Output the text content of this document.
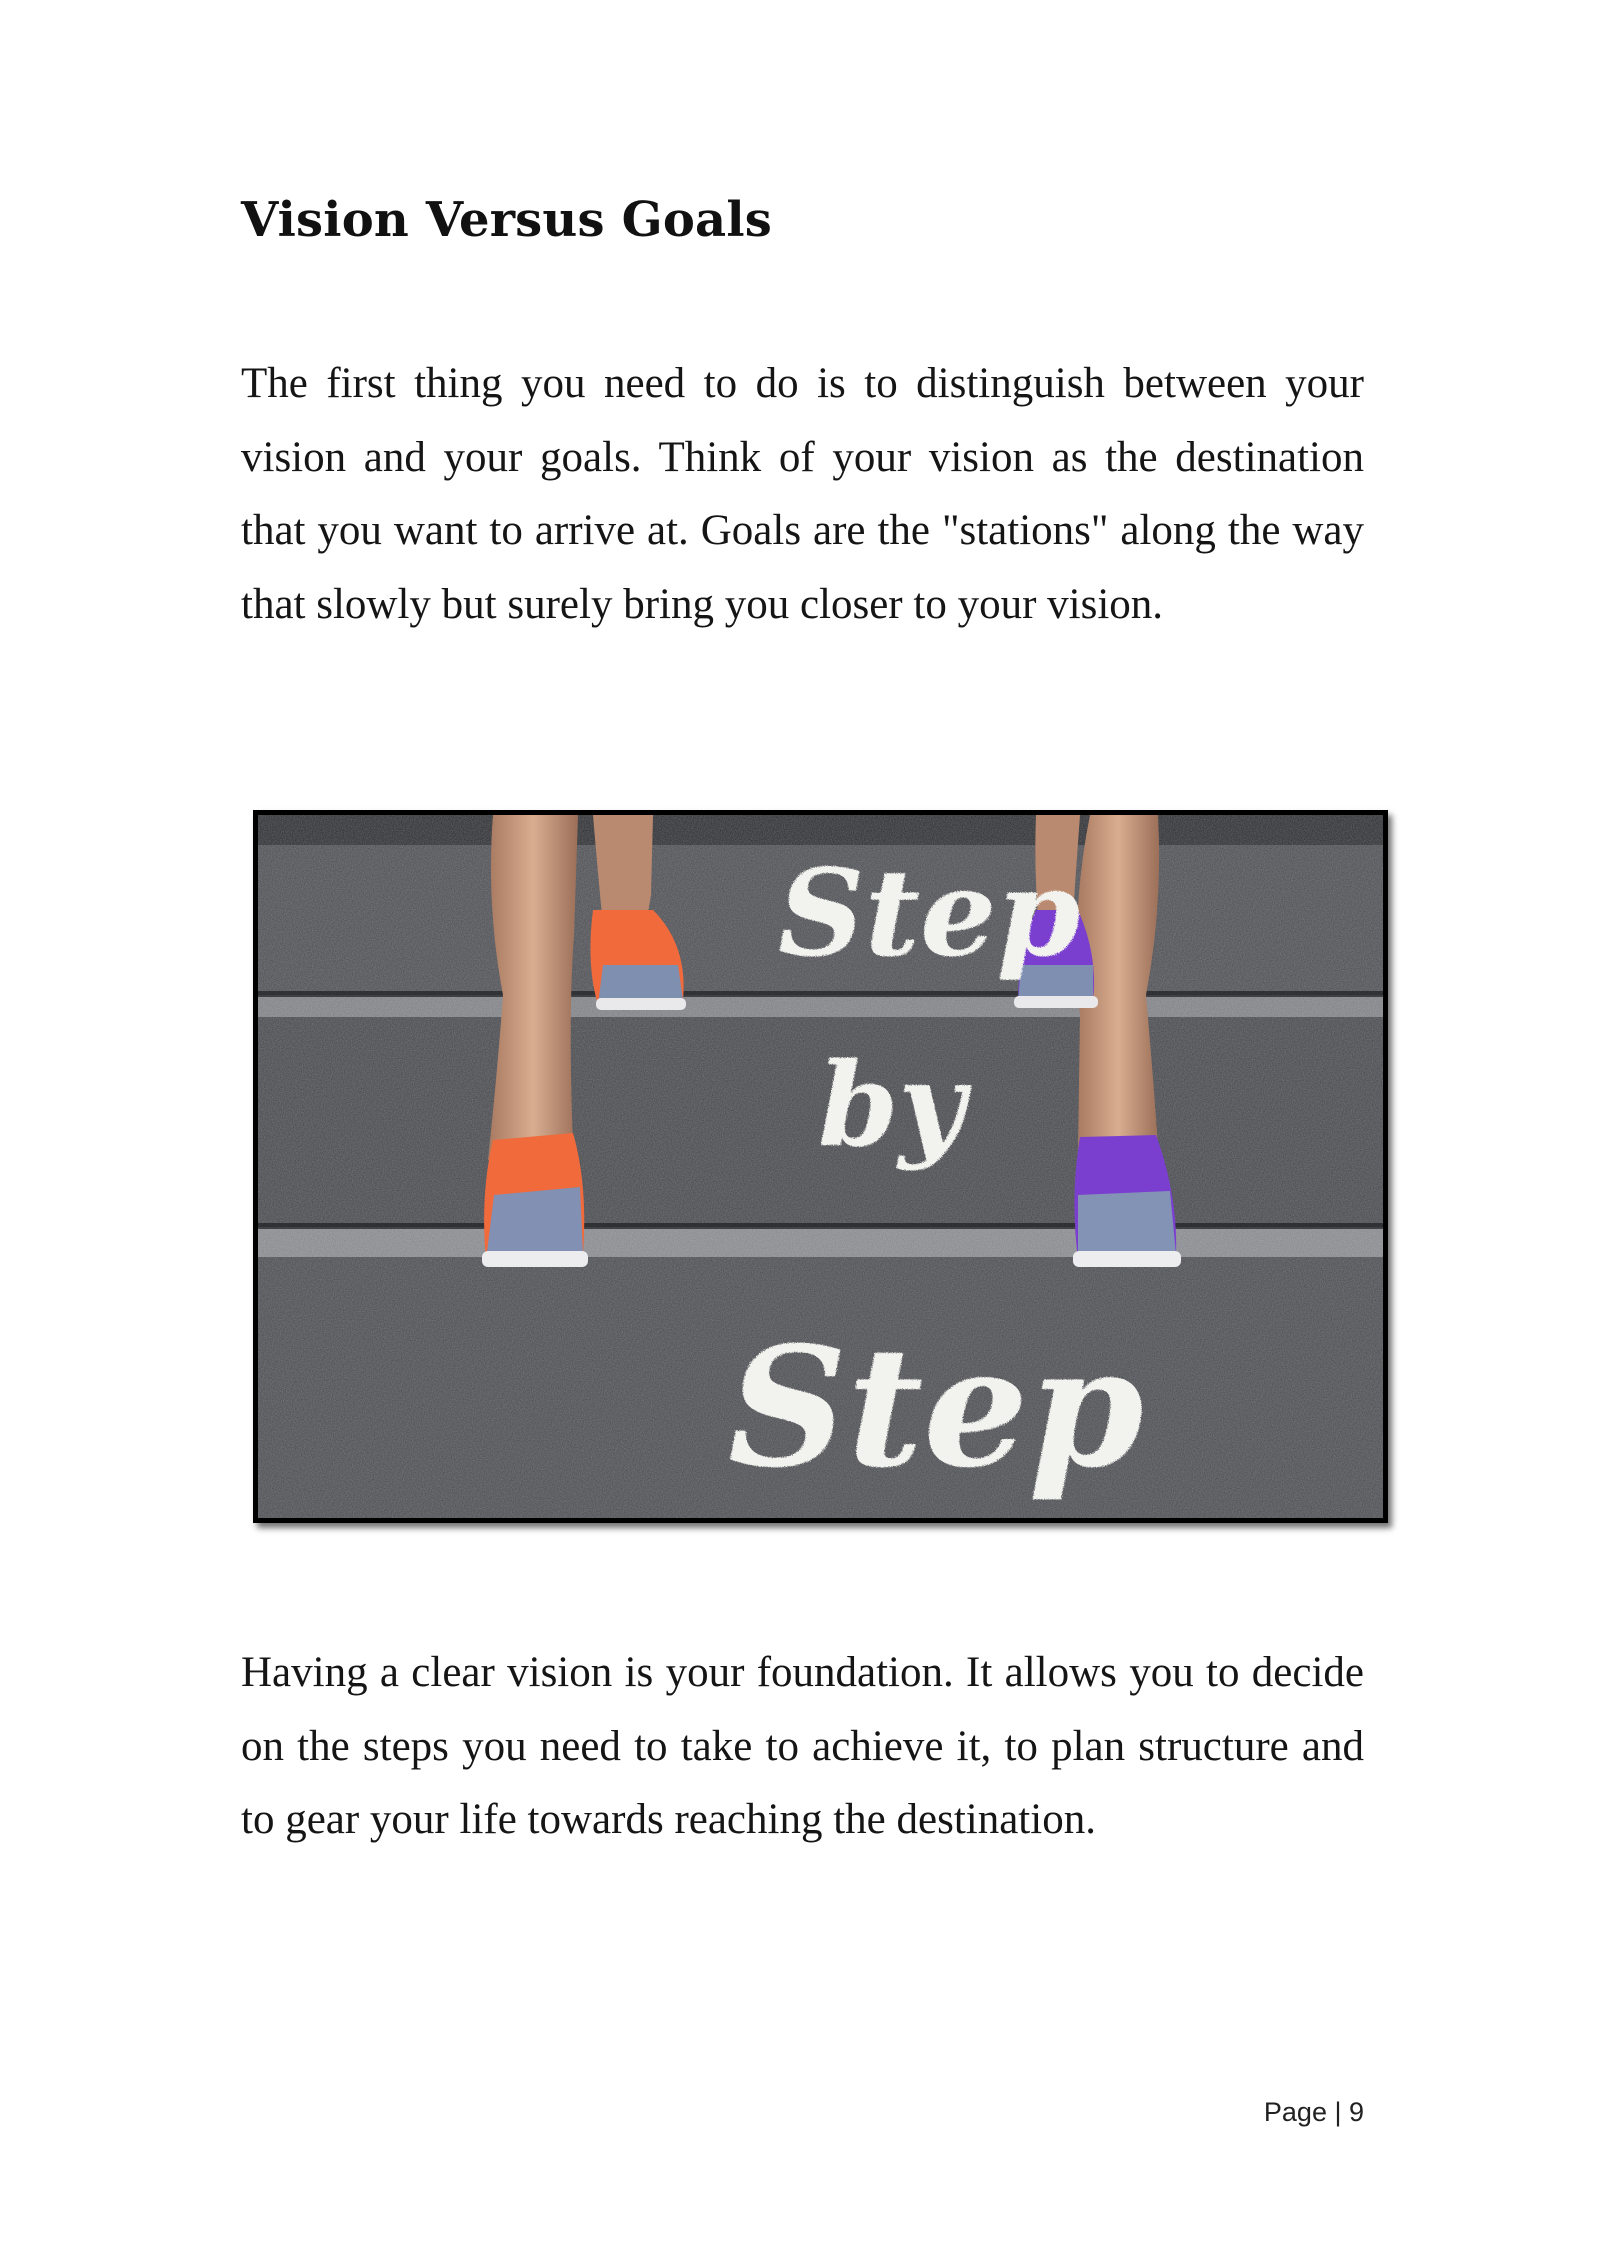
Vision Versus Goals

The first thing you need to do is to distinguish between your vision and your goals. Think of your vision as the destination that you want to arrive at. Goals are the "stations" along the way that slowly but surely bring you closer to your vision.

Step
by
Step

Having a clear vision is your foundation. It allows you to decide on the steps you need to take to achieve it, to plan structure and to gear your life towards reaching the destination.

Page | 9
